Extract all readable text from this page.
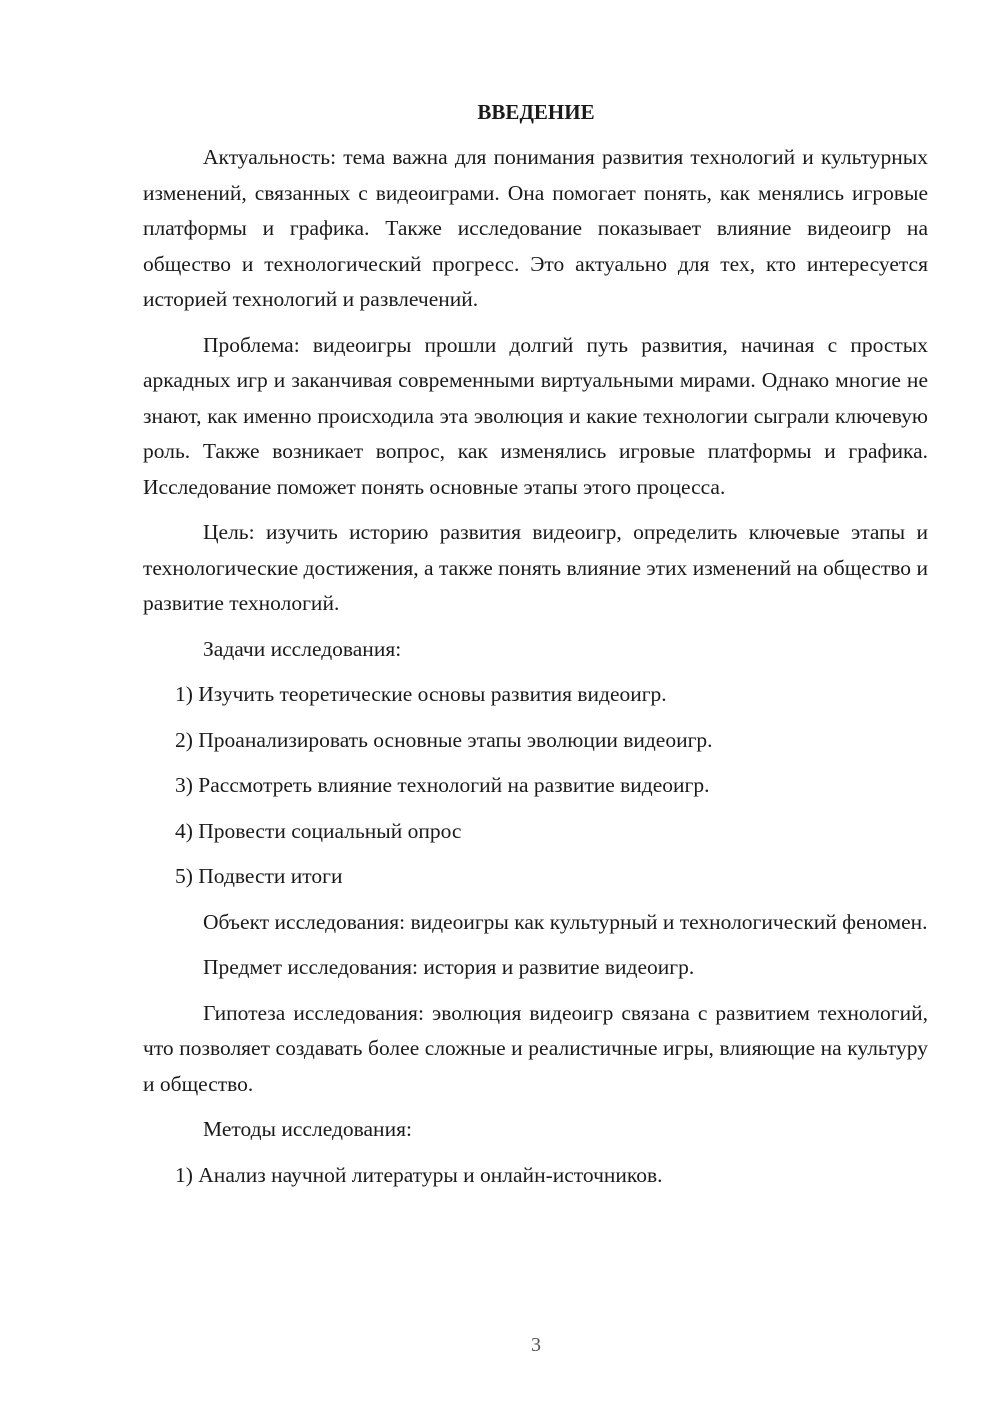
ВВЕДЕНИЕ

Актуальность: тема важна для понимания развития технологий и культурных изменений, связанных с видеоиграми. Она помогает понять, как менялись игровые платформы и графика. Также исследование показывает влияние видеоигр на общество и технологический прогресс. Это актуально для тех, кто интересуется историей технологий и развлечений.

Проблема: видеоигры прошли долгий путь развития, начиная с простых аркадных игр и заканчивая современными виртуальными мирами. Однако многие не знают, как именно происходила эта эволюция и какие технологии сыграли ключевую роль. Также возникает вопрос, как изменялись игровые платформы и графика. Исследование поможет понять основные этапы этого процесса.

Цель: изучить историю развития видеоигр, определить ключевые этапы и технологические достижения, а также понять влияние этих изменений на общество и развитие технологий.

Задачи исследования:

1) Изучить теоретические основы развития видеоигр.

2) Проанализировать основные этапы эволюции видеоигр.

3) Рассмотреть влияние технологий на развитие видеоигр.

4) Провести социальный опрос

5) Подвести итоги

Объект исследования: видеоигры как культурный и технологический феномен.

Предмет исследования: история и развитие видеоигр.

Гипотеза исследования: эволюция видеоигр связана с развитием технологий, что позволяет создавать более сложные и реалистичные игры, влияющие на культуру и общество.

Методы исследования:

1) Анализ научной литературы и онлайн-источников.

3
